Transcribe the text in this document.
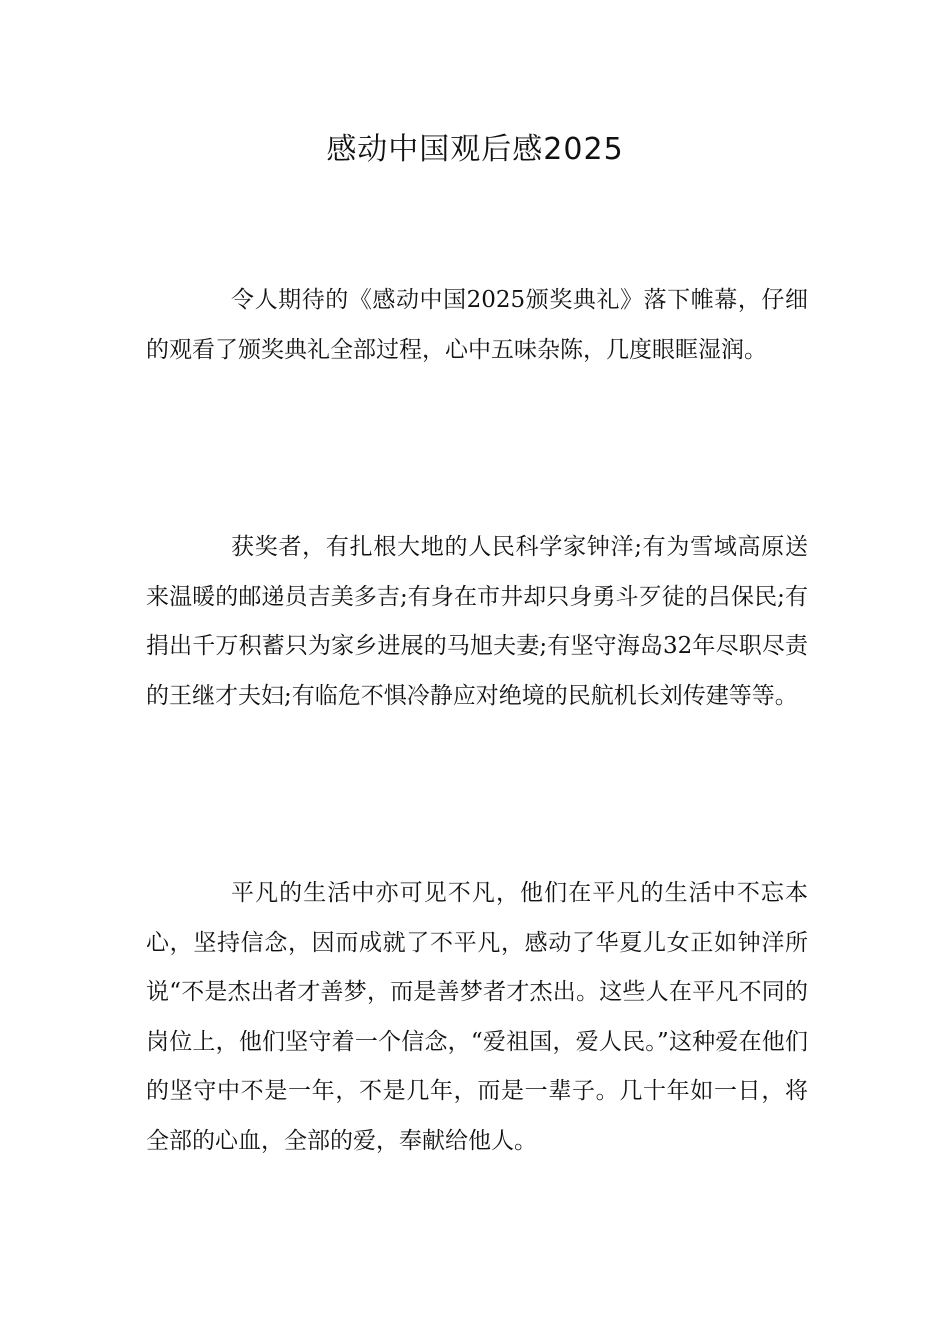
感动中国观后感2025

令人期待的《感动中国2025颁奖典礼》落下帷幕，仔细的观看了颁奖典礼全部过程，心中五味杂陈，几度眼眶湿润。

获奖者，有扎根大地的人民科学家钟洋;有为雪域高原送来温暖的邮递员吉美多吉;有身在市井却只身勇斗歹徒的吕保民;有捐出千万积蓄只为家乡进展的马旭夫妻;有坚守海岛32年尽职尽责的王继才夫妇;有临危不惧冷静应对绝境的民航机长刘传建等等。

平凡的生活中亦可见不凡，他们在平凡的生活中不忘本心，坚持信念，因而成就了不平凡，感动了华夏儿女正如钟洋所说“不是杰出者才善梦，而是善梦者才杰出。这些人在平凡不同的岗位上，他们坚守着一个信念，“爱祖国，爱人民。”这种爱在他们的坚守中不是一年，不是几年，而是一辈子。几十年如一日，将全部的心血，全部的爱，奉献给他人。
